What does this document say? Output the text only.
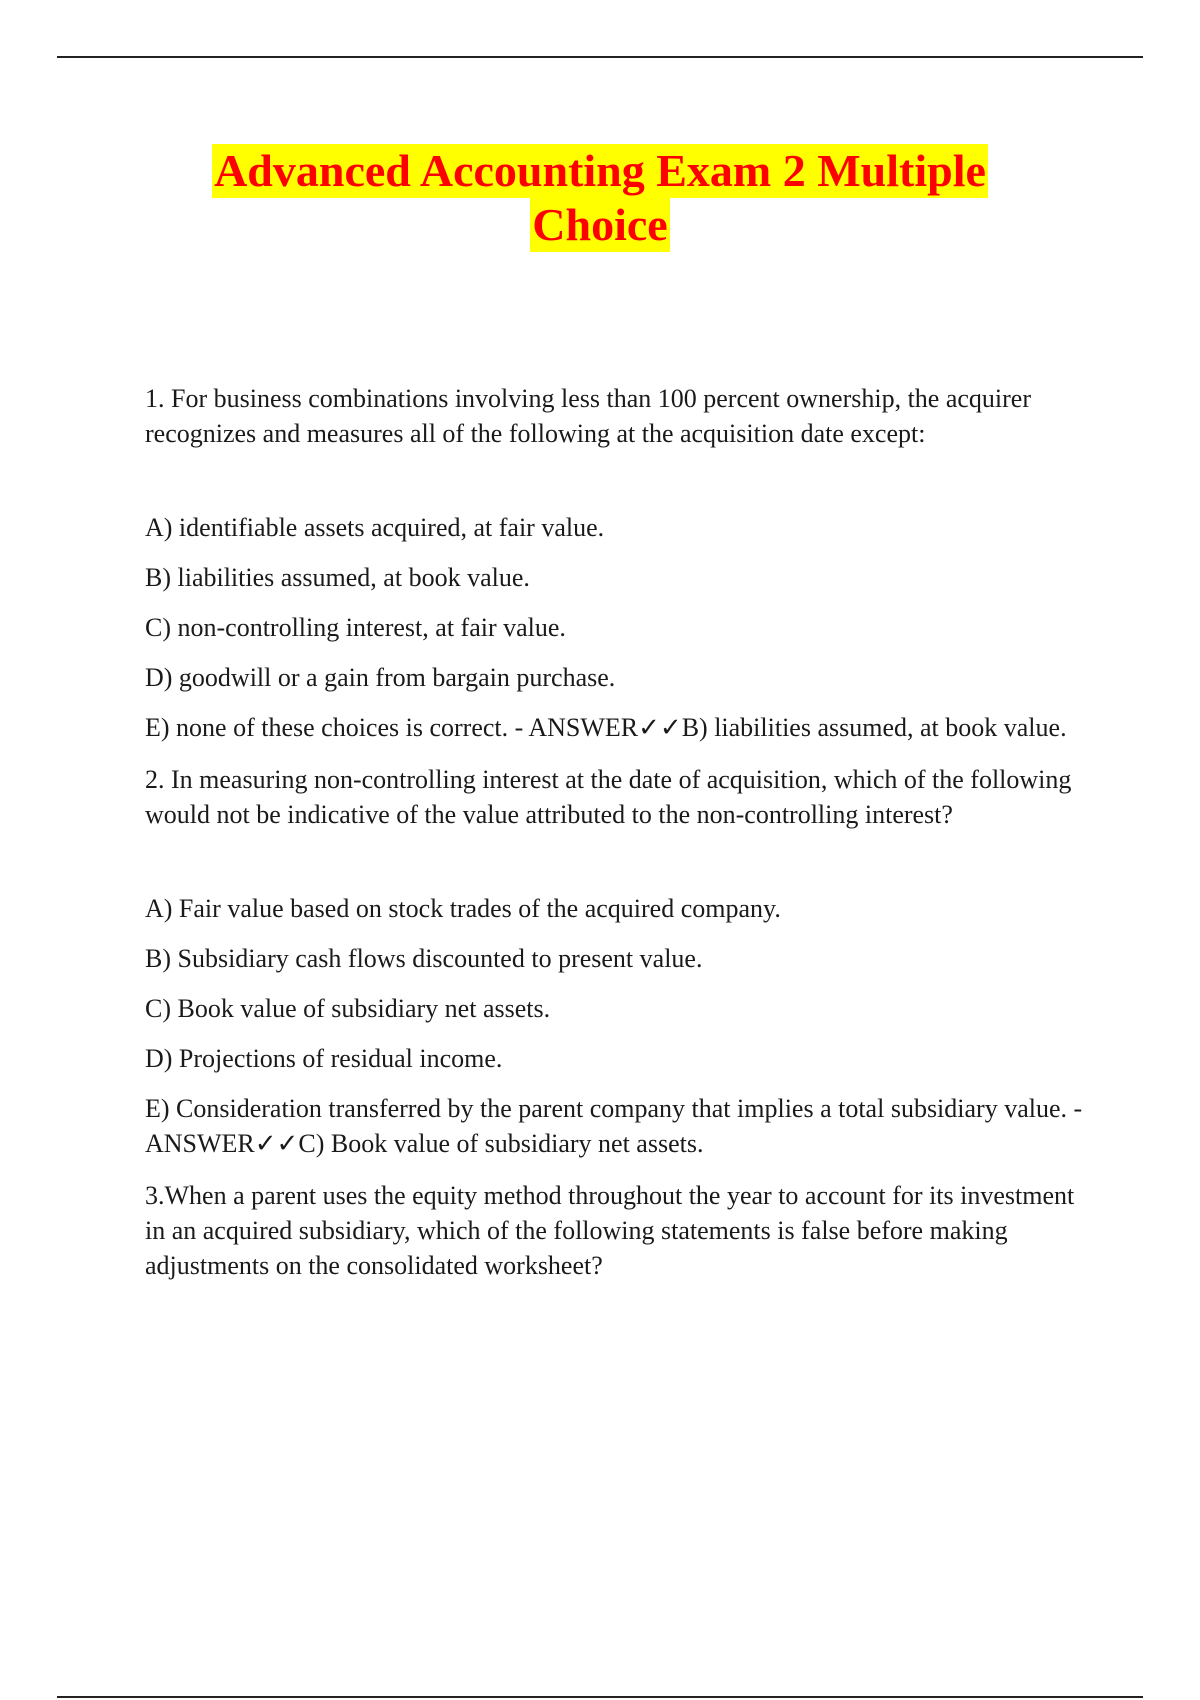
Advanced Accounting Exam 2 Multiple
Choice

1. For business combinations involving less than 100 percent ownership, the acquirer recognizes and measures all of the following at the acquisition date except:

A) identifiable assets acquired, at fair value.

B) liabilities assumed, at book value.

C) non-controlling interest, at fair value.

D) goodwill or a gain from bargain purchase.

E) none of these choices is correct. - ANSWER✓✓B) liabilities assumed, at book value.

2. In measuring non-controlling interest at the date of acquisition, which of the following would not be indicative of the value attributed to the non-controlling interest?

A) Fair value based on stock trades of the acquired company.

B) Subsidiary cash flows discounted to present value.

C) Book value of subsidiary net assets.

D) Projections of residual income.

E) Consideration transferred by the parent company that implies a total subsidiary value. - ANSWER✓✓C) Book value of subsidiary net assets.

3.When a parent uses the equity method throughout the year to account for its investment in an acquired subsidiary, which of the following statements is false before making adjustments on the consolidated worksheet?
